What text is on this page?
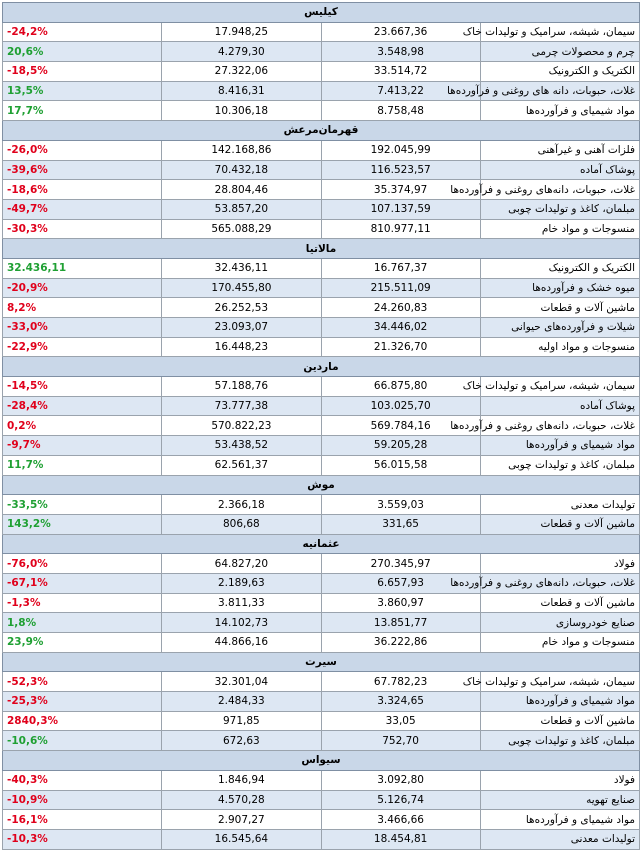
کیلیس			
سیمان، شیشه، سرامیک و تولیدات خاک	23.667,36	17.948,25	24,2%-
چرم و محصولات چرمی	3.548,98	4.279,30	20,6%
الکتریک و الکترونیک	33.514,72	27.322,06	18,5%-
غلات، حبوبات، دانه های روغنی و فرآورده‌ها	7.413,22	8.416,31	13,5%
مواد شیمیای و فرآورده‌ها	8.758,48	10.306,18	17,7%
قهرمان‌مرعش			
فلزات آهنی و غیرآهنی	192.045,99	142.168,86	26,0%-
پوشاک آماده	116.523,57	70.432,18	39,6%-
غلات، حبوبات، دانه‌های روغنی و فرآورده‌ها	35.374,97	28.804,46	18,6%-
مبلمان، کاغذ و تولیدات چوبی	107.137,59	53.857,20	49,7%-
منسوجات و مواد خام	810.977,11	565.088,29	30,3%-
مالاتیا			
الکتریک و الکترونیک	16.767,37	32.436,11	32.436,11
میوه خشک و فرآورده‌ها	215.511,09	170.455,80	20,9%-
ماشین آلات و قطعات	24.260,83	26.252,53	8,2%
شیلات و فرآورده‌های حیوانی	34.446,02	23.093,07	33,0%-
منسوجات و مواد اولیه	21.326,70	16.448,23	22,9%-
ماردین			
سیمان، شیشه، سرامیک و تولیدات خاک	66.875,80	57.188,76	14,5%-
پوشاک آماده	103.025,70	73.777,38	28,4%-
غلات، حبوبات، دانه‌های روغنی و فرآورده‌ها	569.784,16	570.822,23	0,2%
مواد شیمیای و فرآورده‌ها	59.205,28	53.438,52	9,7%-
مبلمان، کاغذ و تولیدات چوبی	56.015,58	62.561,37	11,7%
موش			
تولیدات معدنی	3.559,03	2.366,18	33,5%-
ماشین آلات و قطعات	331,65	806,68	143,2%
عثمانیه			
فولاد	270.345,97	64.827,20	76,0%-
غلات، حبوبات، دانه‌های روغنی و فرآورده‌ها	6.657,93	2.189,63	67,1%-
ماشین آلات و قطعات	3.860,97	3.811,33	1,3%-
صنایع خودروسازی	13.851,77	14.102,73	1,8%
منسوجات و مواد خام	36.222,86	44.866,16	23,9%
سیرت			
سیمان، شیشه، سرامیک و تولیدات خاک	67.782,23	32.301,04	52,3%-
مواد شیمیای و فرآورده‌ها	3.324,65	2.484,33	25,3%-
ماشین آلات و قطعات	33,05	971,85	2840,3%
مبلمان، کاغذ و تولیدات چوبی	752,70	672,63	10,6%-
سیواس			
فولاد	3.092,80	1.846,94	40,3%-
صنایع تهویه	5.126,74	4.570,28	10,9%-
مواد شیمیای و فرآورده‌ها	3.466,66	2.907,27	16,1%-
تولیدات معدنی	18.454,81	16.545,64	10,3%-
